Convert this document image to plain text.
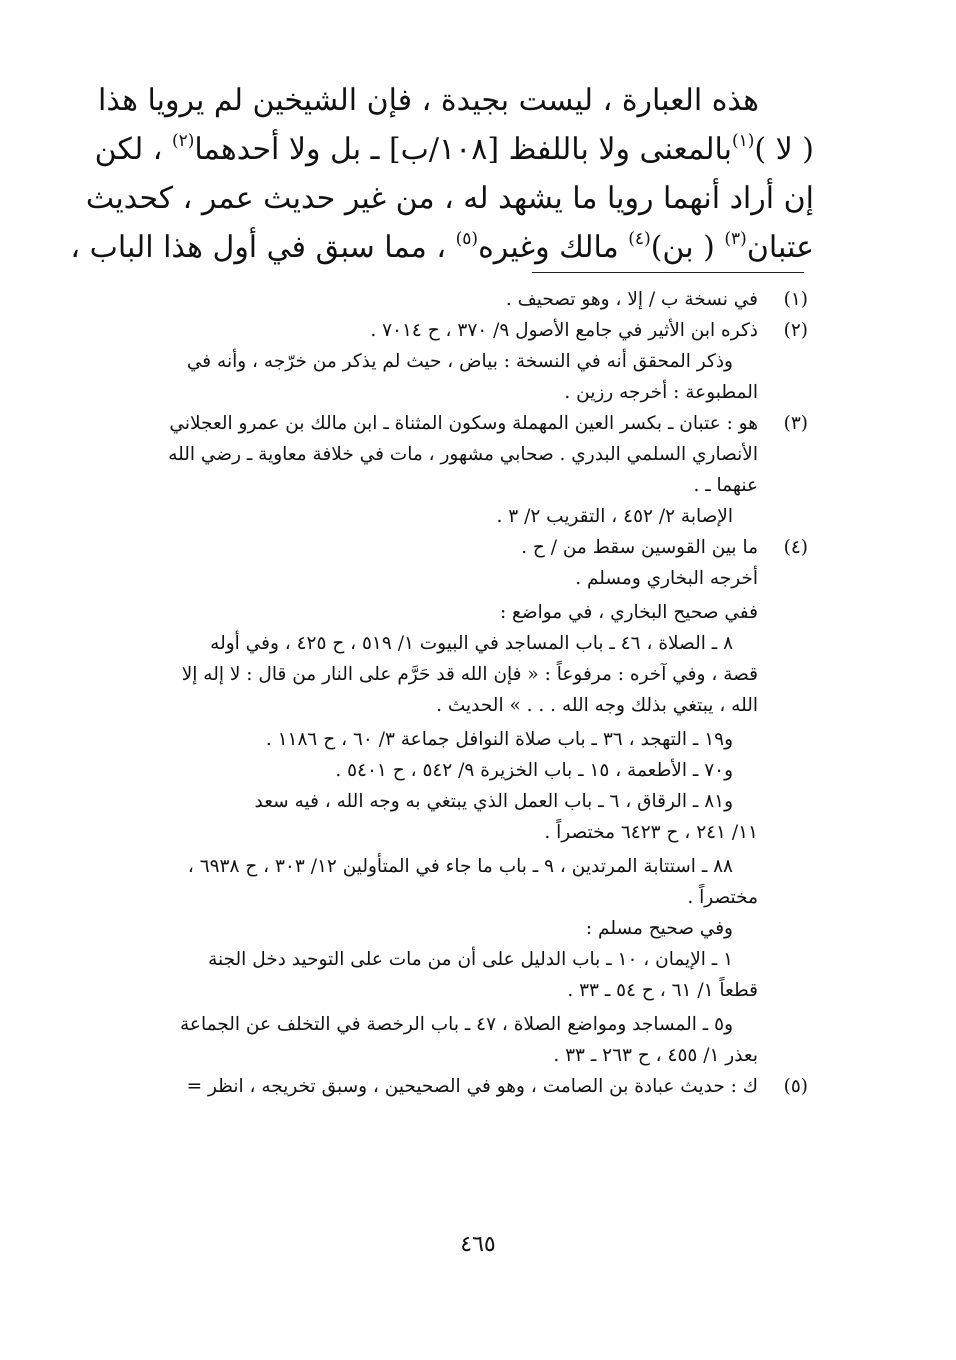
هذه العبارة ، ليست بجيدة ، فإن الشيخين لم يرويا هذا
( لا )$^{(١)}$بالمعنى ولا باللفظ [١٠٨/ب] ـ بل ولا أحدهما$^{(٢)}$ ، لكن
إن أراد أنهما رويا ما يشهد له ، من غير حديث عمر ، كحديث
عتبان$^{(٣)}$ ( بن)$^{(٤)}$ مالك وغيره$^{(٥)}$ ، مما سبق في أول هذا الباب ،
(١)
في نسخة ب / إلا ، وهو تصحيف .
(٢)
ذكره ابن الأثير في جامع الأصول ٩/ ٣٧٠ ، ح ٧٠١٤ .
وذكر المحقق أنه في النسخة : بياض ، حيث لم يذكر من خرّجه ، وأنه في
المطبوعة : أخرجه رزين .
(٣)
هو : عتبان ـ بكسر العين المهملة وسكون المثناة ـ ابن مالك بن عمرو العجلاني
الأنصاري السلمي البدري . صحابي مشهور ، مات في خلافة معاوية ـ رضي الله
عنهما ـ .
الإصابة ٢/ ٤٥٢ ، التقريب ٢/ ٣ .
(٤)
ما بين القوسين سقط من / ح .
أخرجه البخاري ومسلم .
ففي صحيح البخاري ، في مواضع :
٨ ـ الصلاة ، ٤٦ ـ باب المساجد في البيوت ١/ ٥١٩ ، ح ٤٢٥ ، وفي أوله
قصة ، وفي آخره : مرفوعاً : « فإن الله قد حَرَّم على النار من قال : لا إله إلا
الله ، يبتغي بذلك وجه الله . . . » الحديث .
و١٩ ـ التهجد ، ٣٦ ـ باب صلاة النوافل جماعة ٣/ ٦٠ ، ح ١١٨٦ .
و٧٠ ـ الأطعمة ، ١٥ ـ باب الخزيرة ٩/ ٥٤٢ ، ح ٥٤٠١ .
و٨١ ـ الرقاق ، ٦ ـ باب العمل الذي يبتغي به وجه الله ، فيه سعد
١١/ ٢٤١ ، ح ٦٤٢٣ مختصراً .
٨٨ ـ استتابة المرتدين ، ٩ ـ باب ما جاء في المتأولين ١٢/ ٣٠٣ ، ح ٦٩٣٨ ،
مختصراً .
وفي صحيح مسلم :
١ ـ الإيمان ، ١٠ ـ باب الدليل على أن من مات على التوحيد دخل الجنة
قطعاً ١/ ٦١ ، ح ٥٤ ـ ٣٣ .
و٥ ـ المساجد ومواضع الصلاة ، ٤٧ ـ باب الرخصة في التخلف عن الجماعة
بعذر ١/ ٤٥٥ ، ح ٢٦٣ ـ ٣٣ .
(٥)
ك : حديث عبادة بن الصامت ، وهو في الصحيحين ، وسبق تخريجه ، انظر =
٤٦٥
